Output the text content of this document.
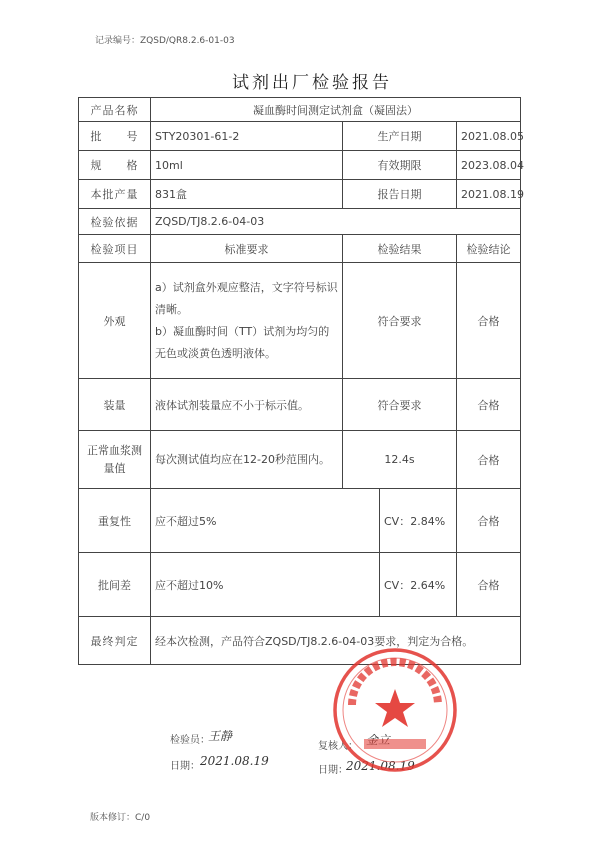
记录编号：ZQSD/QR8.2.6-01-03
试剂出厂检验报告
产品名称	凝血酶时间测定试剂盒（凝固法）			
批　　号	STY20301-61-2	生产日期		2021.08.05
规　　格	10ml	有效期限		2023.08.04
本批产量	831盒	报告日期		2021.08.19
检验依据	ZQSD/TJ8.2.6-04-03			
检验项目	标准要求	检验结果		检验结论
外观	a）试剂盒外观应整洁，文字符号标识清晰。
b）凝血酶时间（TT）试剂为均匀的无色或淡黄色透明液体。	符合要求		合格
装量	液体试剂装量应不小于标示值。	符合要求		合格
正常血浆测量值	每次测试值均应在12-20秒范围内。	12.4s		合格
重复性	应不超过5%		CV：2.84%	合格
批间差	应不超过10%		CV：2.64%	合格
最终判定	经本次检测，产品符合ZQSD/TJ8.2.6-04-03要求，判定为合格。			
检验员：
王静
日期： 2021.08.19
复核人：
日期：
2021.08.19
版本修订：C/0
